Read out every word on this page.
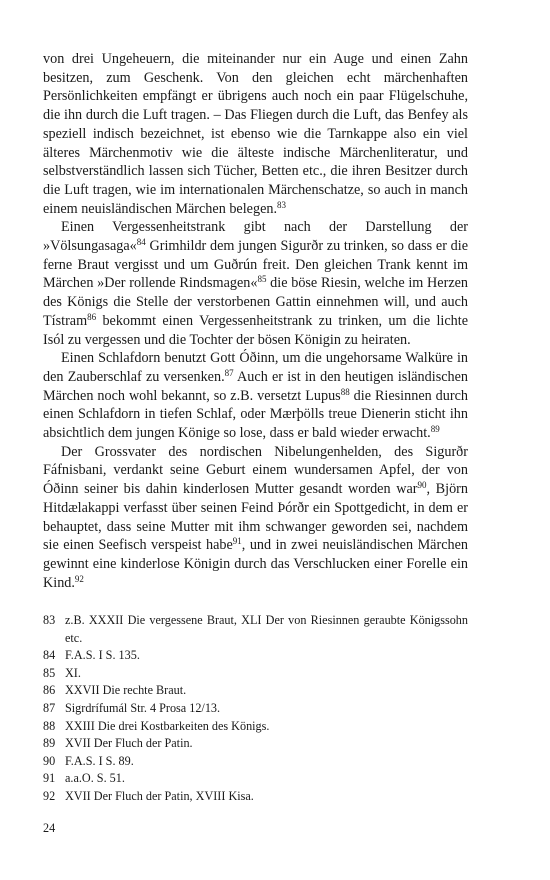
von drei Ungeheuern, die miteinander nur ein Auge und einen Zahn besitzen, zum Geschenk. Von den gleichen echt märchenhaften Persönlichkeiten empfängt er übrigens auch noch ein paar Flügelschuhe, die ihn durch die Luft tragen. – Das Fliegen durch die Luft, das Benfey als speziell indisch bezeichnet, ist ebenso wie die Tarnkappe also ein viel älteres Märchenmotiv wie die älteste indische Märchenliteratur, und selbstverständlich lassen sich Tücher, Betten etc., die ihren Besitzer durch die Luft tragen, wie im internationalen Märchenschatze, so auch in manch einem neuisländischen Märchen belegen.$^{83}$

Einen Vergessenheitstrank gibt nach der Darstellung der »Völsungasaga«$^{84}$ Grimhildr dem jungen Sigurðr zu trinken, so dass er die ferne Braut vergisst und um Guðrún freit. Den gleichen Trank kennt im Märchen »Der rollende Rindsmagen«$^{85}$ die böse Riesin, welche im Herzen des Königs die Stelle der verstorbenen Gattin einnehmen will, und auch Tístram$^{86}$ bekommt einen Vergessenheitstrank zu trinken, um die lichte Isól zu vergessen und die Tochter der bösen Königin zu heiraten.

Einen Schlafdorn benutzt Gott Óðinn, um die ungehorsame Walküre in den Zauberschlaf zu versenken.$^{87}$ Auch er ist in den heutigen isländischen Märchen noch wohl bekannt, so z.B. versetzt Lupus$^{88}$ die Riesinnen durch einen Schlafdorn in tiefen Schlaf, oder Mærþölls treue Dienerin sticht ihn absichtlich dem jungen Könige so lose, dass er bald wieder erwacht.$^{89}$

Der Grossvater des nordischen Nibelungenhelden, des Sigurðr Fáfnisbani, verdankt seine Geburt einem wundersamen Apfel, der von Óðinn seiner bis dahin kinderlosen Mutter gesandt worden war$^{90}$, Björn Hitdælakappi verfasst über seinen Feind Þórðr ein Spottgedicht, in dem er behauptet, dass seine Mutter mit ihm schwanger geworden sei, nachdem sie einen Seefisch verspeist habe$^{91}$, und in zwei neuisländischen Märchen gewinnt eine kinderlose Königin durch das Verschlucken einer Forelle ein Kind.$^{92}$

83 z.B. XXXII Die vergessene Braut, XLI Der von Riesinnen geraubte Königssohn etc.
84 F.A.S. I S. 135.
85 XI.
86 XXVII Die rechte Braut.
87 Sigrdrífumál Str. 4 Prosa 12/13.
88 XXIII Die drei Kostbarkeiten des Königs.
89 XVII Der Fluch der Patin.
90 F.A.S. I S. 89.
91 a.a.O. S. 51.
92 XVII Der Fluch der Patin, XVIII Kisa.
24
